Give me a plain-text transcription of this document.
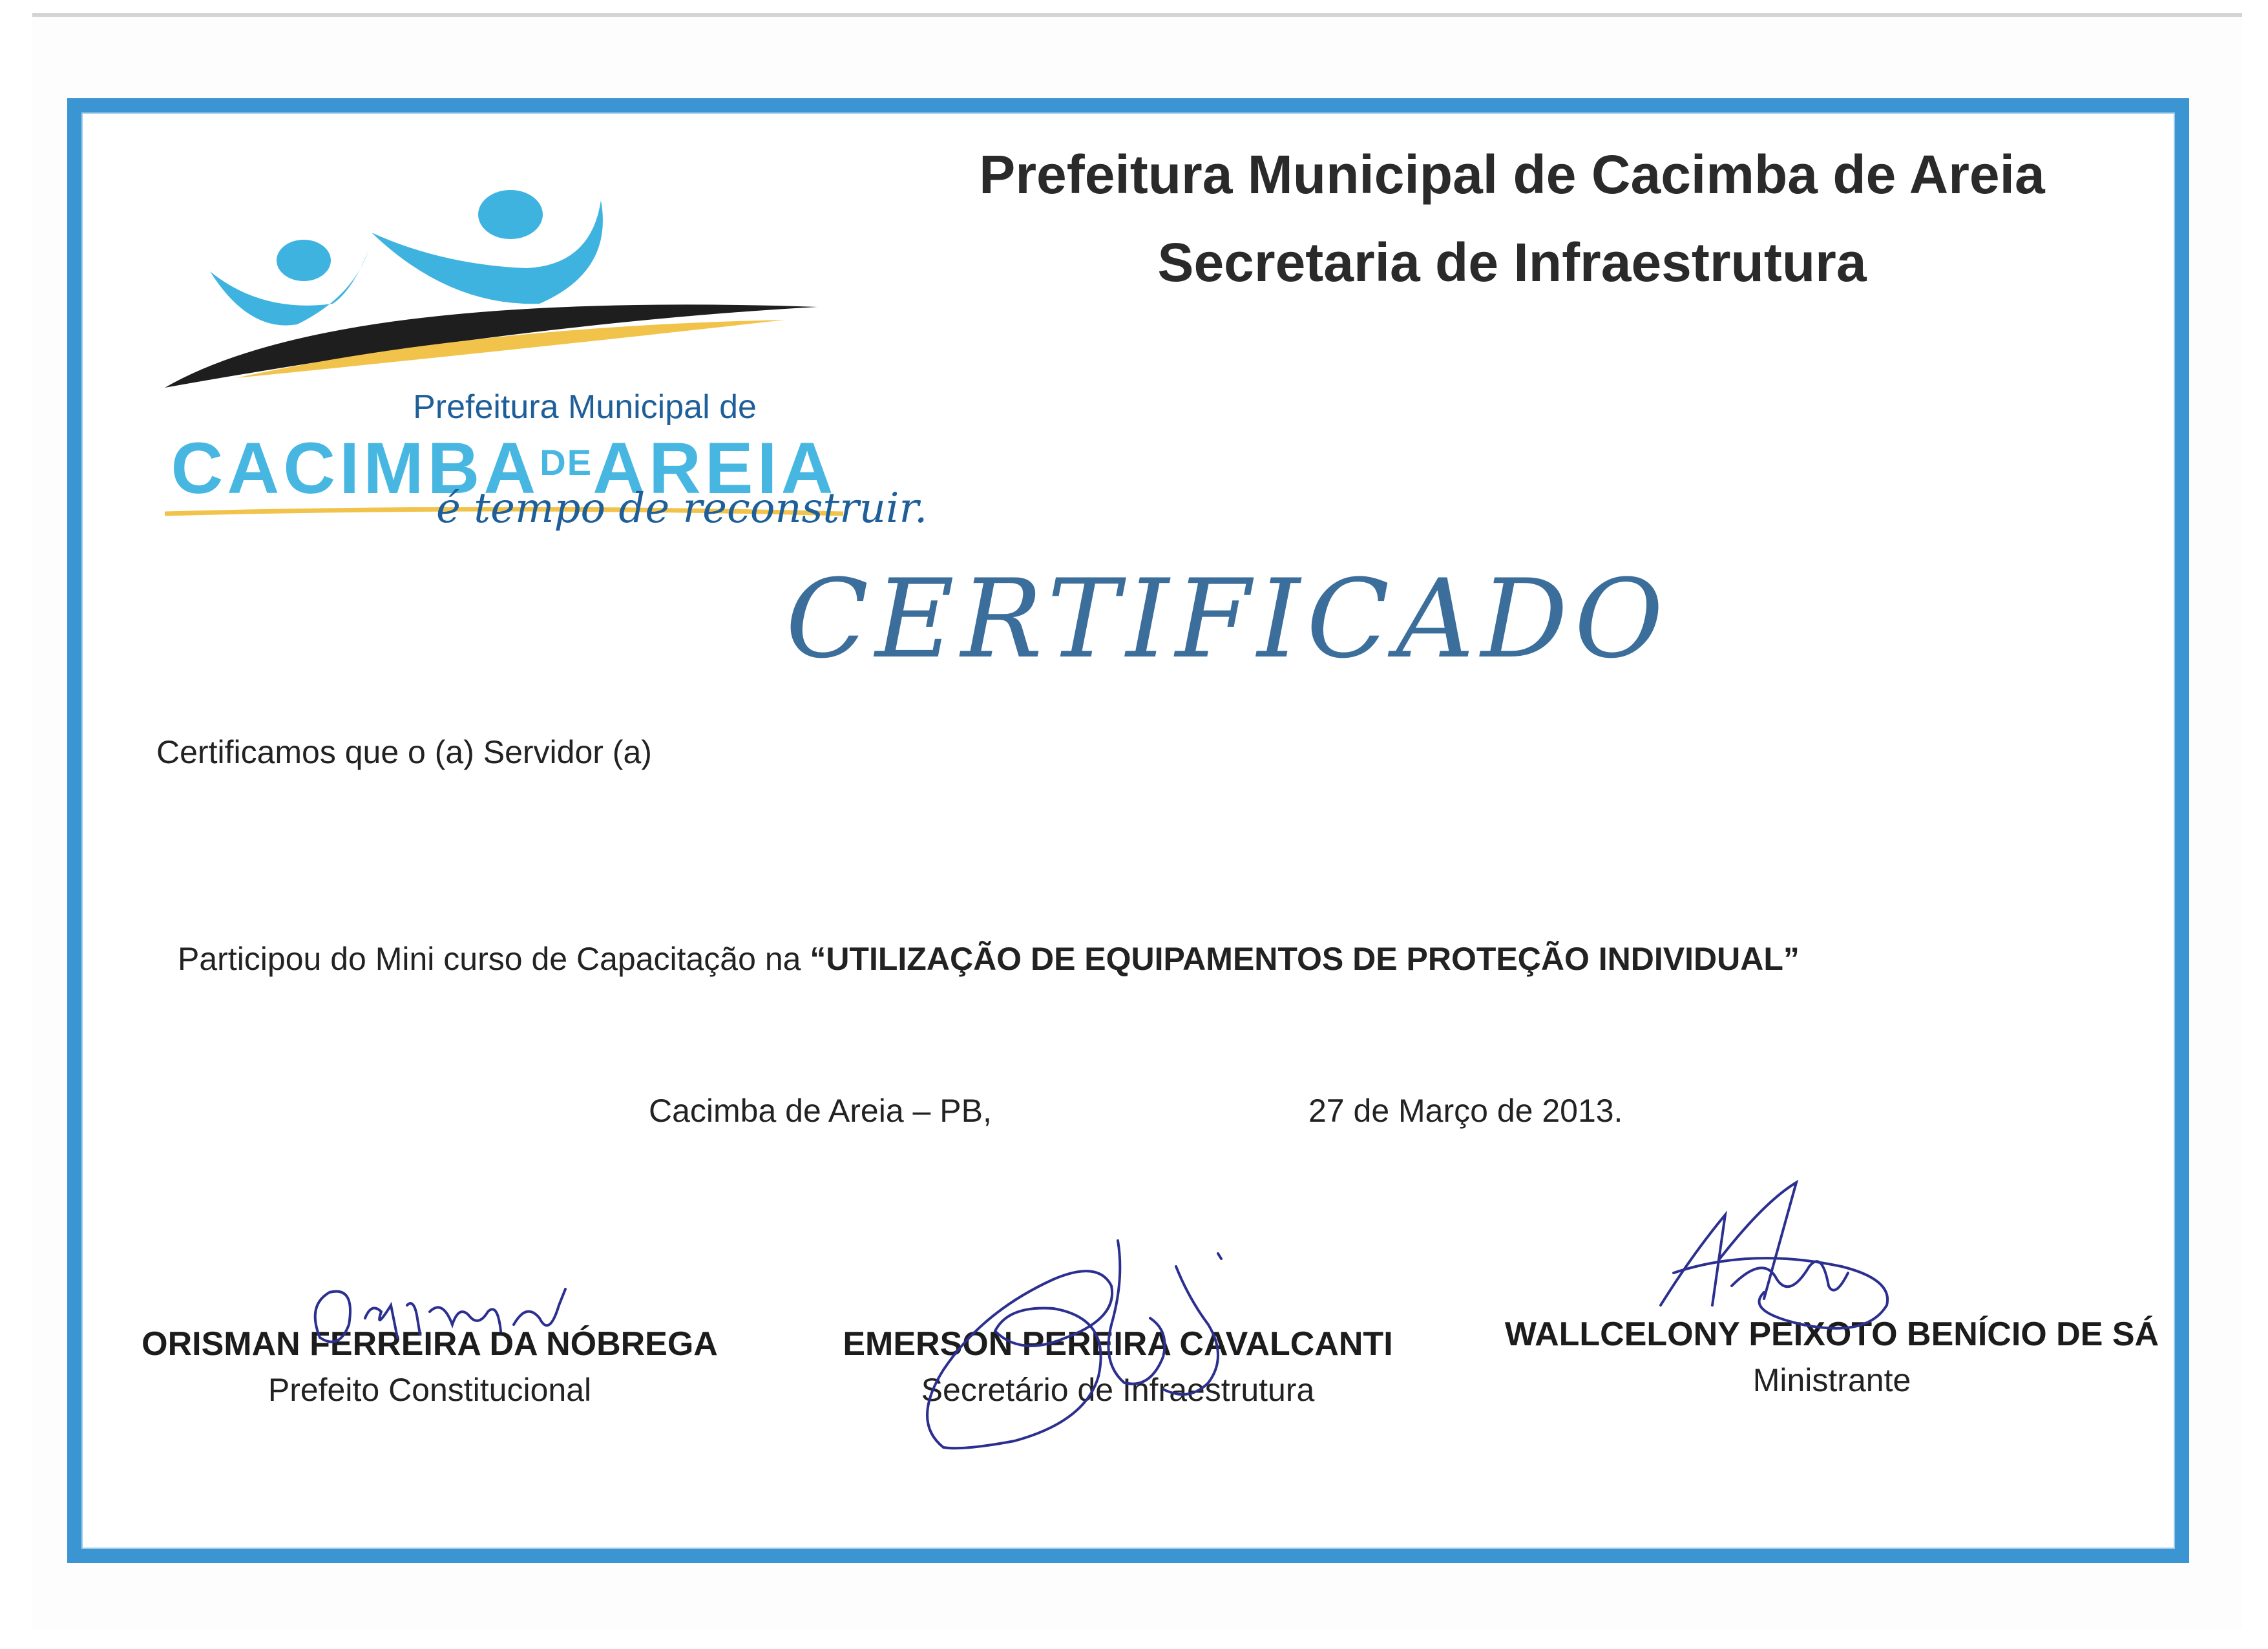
Prefeitura Municipal de Cacimba de Areia
Secretaria de Infraestrutura
Prefeitura Municipal de
$CACIMBA^{DE}AREIA$
é tempo de reconstruir.
CERTIFICADO
Certificamos que o (a) Servidor (a)
Participou do Mini curso de Capacitação na “UTILIZAÇÃO DE EQUIPAMENTOS DE PROTEÇÃO INDIVIDUAL”
Cacimba de Areia – PB,	27 de Março de 2013.
ORISMAN FERREIRA DA NÓBREGA
Prefeito Constitucional
EMERSON PEREIRA CAVALCANTI
Secretário de Infraestrutura
WALLCELONY PEIXOTO BENÍCIO DE SÁ
Ministrante
